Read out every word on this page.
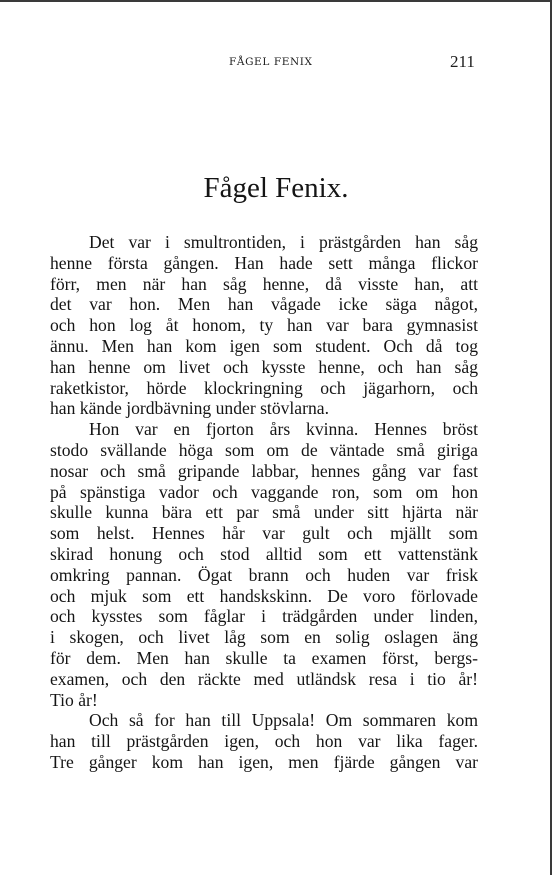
FÅGEL FENIX	211
Fågel Fenix.
Det var i smultrontiden, i prästgården han såg
henne första gången. Han hade sett många flickor
förr, men när han såg henne, då visste han, att
det var hon. Men han vågade icke säga något,
och hon log åt honom, ty han var bara gymnasist
ännu. Men han kom igen som student. Och då tog
han henne om livet och kysste henne, och han såg
raketkistor, hörde klockringning och jägarhorn, och
han kände jordbävning under stövlarna.
Hon var en fjorton års kvinna. Hennes bröst
stodo svällande höga som om de väntade små giriga
nosar och små gripande labbar, hennes gång var fast
på spänstiga vador och vaggande ron, som om hon
skulle kunna bära ett par små under sitt hjärta när
som helst. Hennes hår var gult och mjällt som
skirad honung och stod alltid som ett vattenstänk
omkring pannan. Ögat brann och huden var frisk
och mjuk som ett handskskinn. De voro förlovade
och kysstes som fåglar i trädgården under linden,
i skogen, och livet låg som en solig oslagen äng
för dem. Men han skulle ta examen först, bergs-
examen, och den räckte med utländsk resa i tio år!
Tio år!
Och så for han till Uppsala! Om sommaren kom
han till prästgården igen, och hon var lika fager.
Tre gånger kom han igen, men fjärde gången var
